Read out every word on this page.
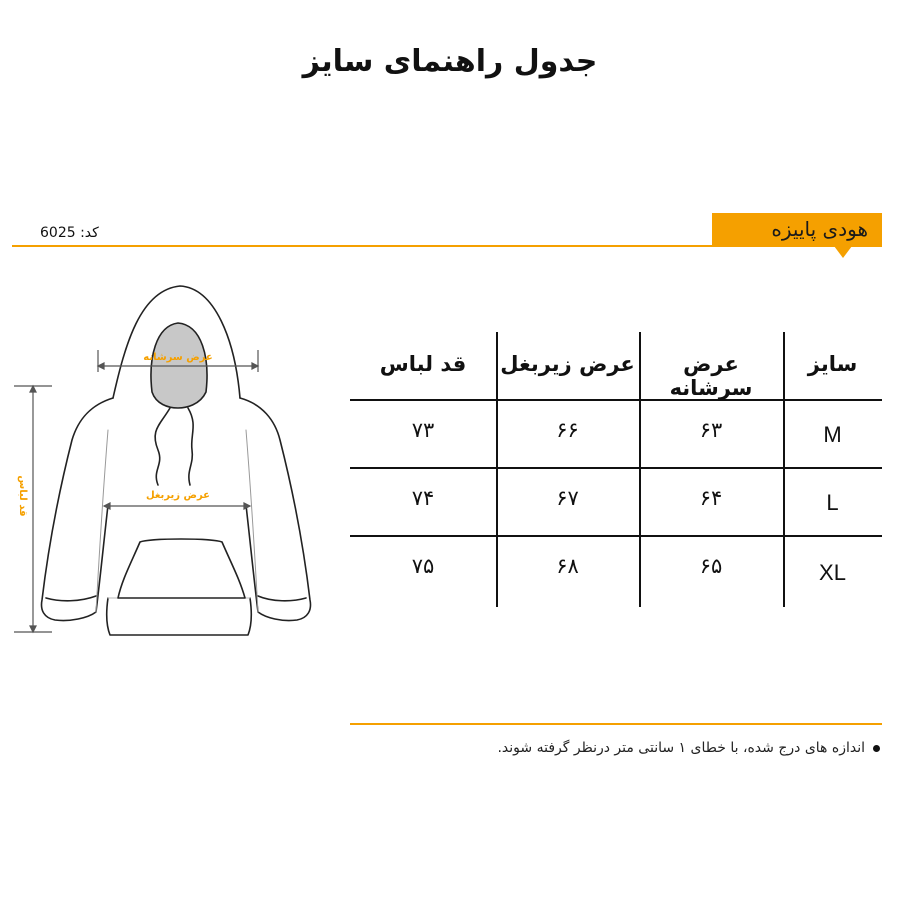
جدول راهنمای سایز
هودی پاییزه
کد: 6025
عرض سرشانه
عرض زیربغل
قد لباس
سایز
عرض سرشانه
عرض زیربغل
قد لباس
M
۶۳
۶۶
۷۳
L
۶۴
۶۷
۷۴
XL
۶۵
۶۸
۷۵
اندازه های درج شده، با خطای ۱ سانتی متر درنظر گرفته شوند.
